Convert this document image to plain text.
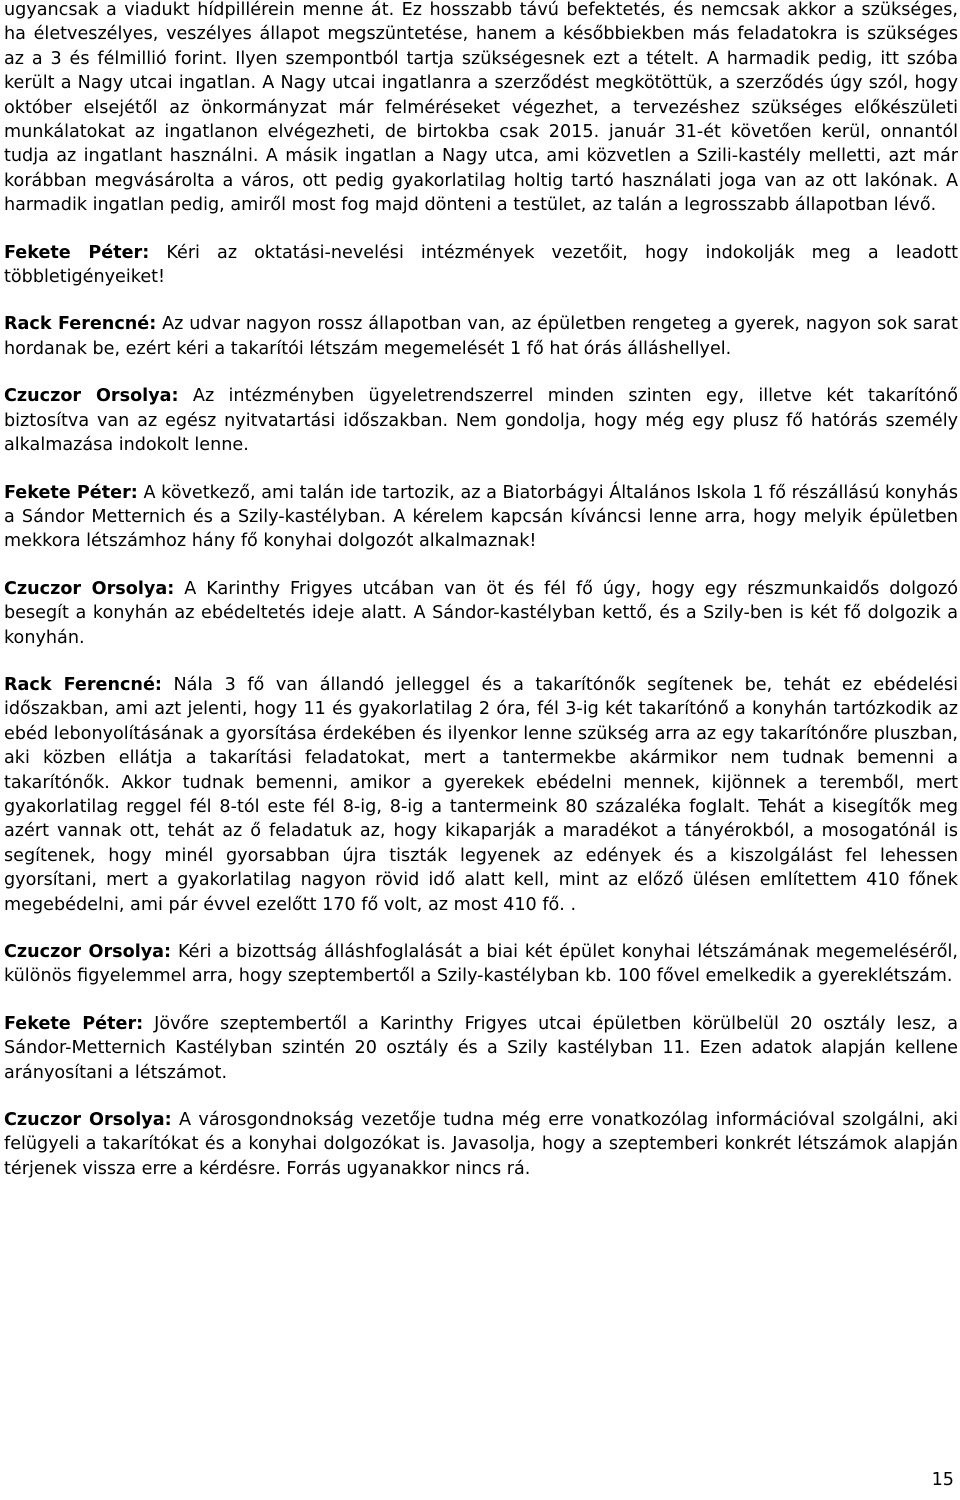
ugyancsak a viadukt hídpillérein menne át. Ez hosszabb távú befektetés, és nemcsak akkor a szükséges, ha életveszélyes, veszélyes állapot megszüntetése, hanem a későbbiekben más feladatokra is szükséges az a 3 és félmillió forint. Ilyen szempontból tartja szükségesnek ezt a tételt. A harmadik pedig, itt szóba került a Nagy utcai ingatlan. A Nagy utcai ingatlanra a szerződést megkötöttük, a szerződés úgy szól, hogy október elsejétől az önkormányzat már felméréseket végezhet, a tervezéshez szükséges előkészületi munkálatokat az ingatlanon elvégezheti, de birtokba csak 2015. január 31-ét követően kerül, onnantól tudja az ingatlant használni. A másik ingatlan a Nagy utca, ami közvetlen a Szili-kastély melletti, azt már korábban megvásárolta a város, ott pedig gyakorlatilag holtig tartó használati joga van az ott lakónak. A harmadik ingatlan pedig, amiről most fog majd dönteni a testület, az talán a legrosszabb állapotban lévő.

Fekete Péter: Kéri az oktatási-nevelési intézmények vezetőit, hogy indokolják meg a leadott többletigényeiket!

Rack Ferencné: Az udvar nagyon rossz állapotban van, az épületben rengeteg a gyerek, nagyon sok sarat hordanak be, ezért kéri a takarítói létszám megemelését 1 fő hat órás álláshellyel.

Czuczor Orsolya: Az intézményben ügyeletrendszerrel minden szinten egy, illetve két takarítónő biztosítva van az egész nyitvatartási időszakban. Nem gondolja, hogy még egy plusz fő hatórás személy alkalmazása indokolt lenne.

Fekete Péter: A következő, ami talán ide tartozik, az a Biatorbágyi Általános Iskola 1 fő részállású konyhás a Sándor Metternich és a Szily-kastélyban. A kérelem kapcsán kíváncsi lenne arra, hogy melyik épületben mekkora létszámhoz hány fő konyhai dolgozót alkalmaznak!

Czuczor Orsolya: A Karinthy Frigyes utcában van öt és fél fő úgy, hogy egy részmunkaidős dolgozó besegít a konyhán az ebédeltetés ideje alatt. A Sándor-kastélyban kettő, és a Szily-ben is két fő dolgozik a konyhán.

Rack Ferencné: Nála 3 fő van állandó jelleggel és a takarítónők segítenek be, tehát ez ebédelési időszakban, ami azt jelenti, hogy 11 és gyakorlatilag 2 óra, fél 3-ig két takarítónő a konyhán tartózkodik az ebéd lebonyolításának a gyorsítása érdekében és ilyenkor lenne szükség arra az egy takarítónőre pluszban, aki közben ellátja a takarítási feladatokat, mert a tantermekbe akármikor nem tudnak bemenni a takarítónők. Akkor tudnak bemenni, amikor a gyerekek ebédelni mennek, kijönnek a teremből, mert gyakorlatilag reggel fél 8-tól este fél 8-ig, 8-ig a tantermeink 80 százaléka foglalt. Tehát a kisegítők meg azért vannak ott, tehát az ő feladatuk az, hogy kikaparják a maradékot a tányérokból, a mosogatónál is segítenek, hogy minél gyorsabban újra tiszták legyenek az edények és a kiszolgálást fel lehessen gyorsítani, mert a gyakorlatilag nagyon rövid idő alatt kell, mint az előző ülésen említettem 410 főnek megebédelni, ami pár évvel ezelőtt 170 fő volt, az most 410 fő. .

Czuczor Orsolya: Kéri a bizottság álláshfoglalását a biai két épület konyhai létszámának megemeléséről, különös figyelemmel arra, hogy szeptembertől a Szily-kastélyban kb. 100 fővel emelkedik a gyereklétszám.

Fekete Péter: Jövőre szeptembertől a Karinthy Frigyes utcai épületben körülbelül 20 osztály lesz, a Sándor-Metternich Kastélyban szintén 20 osztály és a Szily kastélyban 11. Ezen adatok alapján kellene arányosítani a létszámot.

Czuczor Orsolya: A városgondnokság vezetője tudna még erre vonatkozólag információval szolgálni, aki felügyeli a takarítókat és a konyhai dolgozókat is. Javasolja, hogy a szeptemberi konkrét létszámok alapján térjenek vissza erre a kérdésre. Forrás ugyanakkor nincs rá.

15
